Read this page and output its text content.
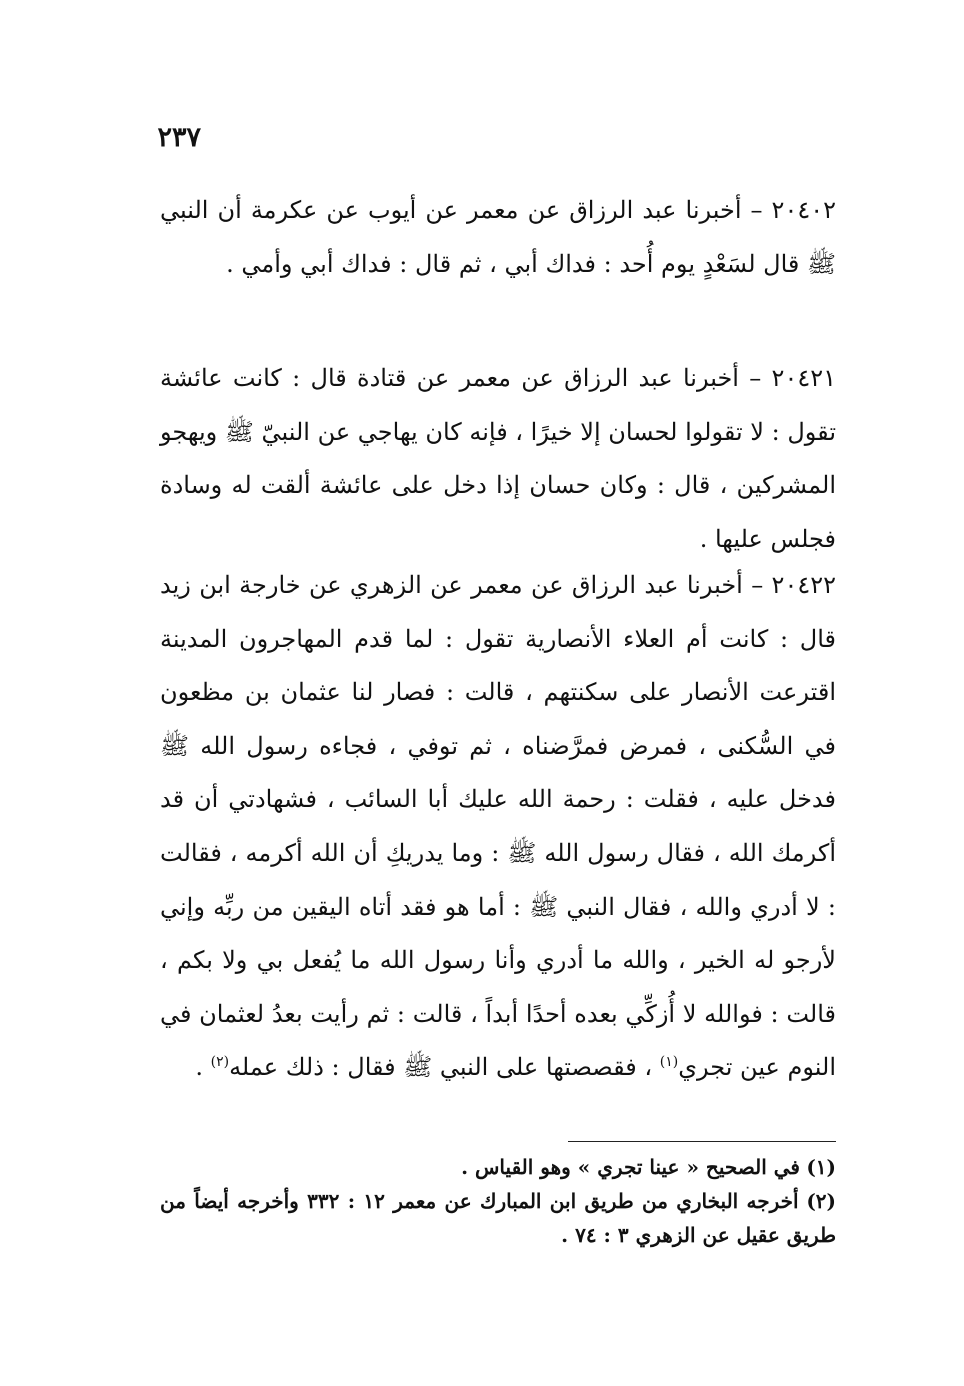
٢٣٧

٢٠٤٠٢ – أخبرنا عبد الرزاق عن معمر عن أيوب عن عكرمة أن النبي ﷺ قال لسَعْدٍ يوم أُحد : فداك أبي ، ثم قال : فداك أبي وأمي .

٢٠٤٢١ – أخبرنا عبد الرزاق عن معمر عن قتادة قال : كانت عائشة تقول : لا تقولوا لحسان إلا خيرًا ، فإنه كان يهاجي عن النبيّ ﷺ ويهجو المشركين ، قال : وكان حسان إذا دخل على عائشة ألقت له وسادة فجلس عليها .

٢٠٤٢٢ – أخبرنا عبد الرزاق عن معمر عن الزهري عن خارجة ابن زيد قال : كانت أم العلاء الأنصارية تقول : لما قدم المهاجرون المدينة اقترعت الأنصار على سكنتهم ، قالت : فصار لنا عثمان بن مظعون في السُّكنى ، فمرض فمرَّضناه ، ثم توفي ، فجاءه رسول الله ﷺ فدخل عليه ، فقلت : رحمة الله عليك أبا السائب ، فشهادتي أن قد أكرمك الله ، فقال رسول الله ﷺ : وما يدريكِ أن الله أكرمه ، فقالت : لا أدري والله ، فقال النبي ﷺ : أما هو فقد أتاه اليقين من ربِّه وإني لأرجو له الخير ، والله ما أدري وأنا رسول الله ما يُفعل بي ولا بكم ، قالت : فوالله لا أُزكِّي بعده أحدًا أبداً ، قالت : ثم رأيت بعدُ لعثمان في النوم عين تجري$^{(١)}$ ، فقصصتها على النبي ﷺ فقال : ذلك عمله$^{(٢)}$ .

(١) في الصحيح « عينا تجري » وهو القياس .

(٢) أخرجه البخاري من طريق ابن المبارك عن معمر ١٢ : ٣٣٢ وأخرجه أيضاً من طريق عقيل عن الزهري ٣ : ٧٤ .
